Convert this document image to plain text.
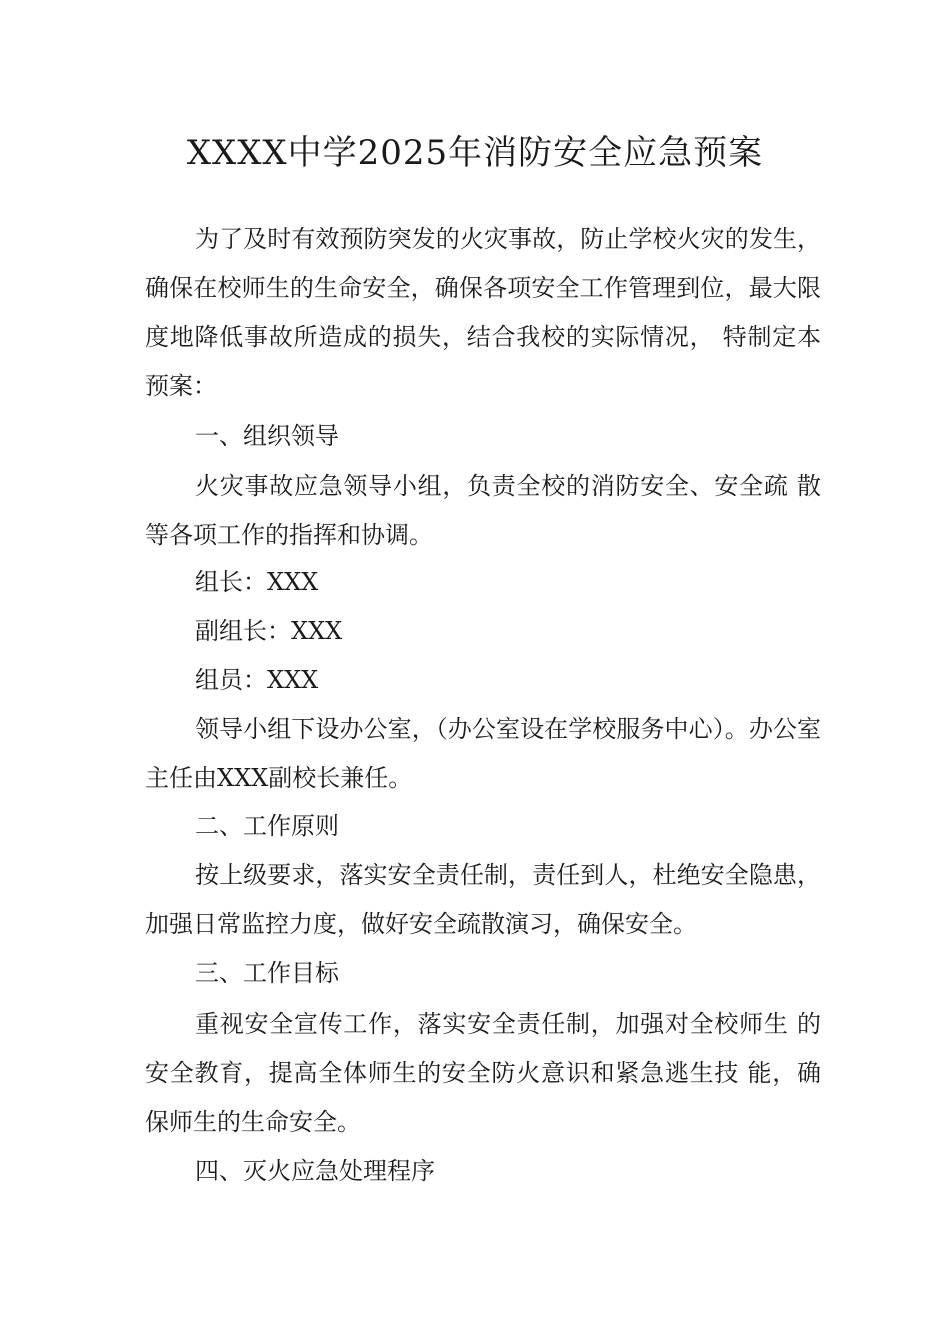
XXXX中学2025年消防安全应急预案

为了及时有效预防突发的火灾事故，防止学校火灾的发生，确保在校师生的生命安全，确保各项安全工作管理到位，最大限度地降低事故所造成的损失，结合我校的实际情况， 特制定本预案：

一、组织领导

火灾事故应急领导小组，负责全校的消防安全、安全疏 散等各项工作的指挥和协调。

组长：XXX

副组长：XXX

组员：XXX

领导小组下设办公室，（办公室设在学校服务中心）。办公室主任由XXX副校长兼任。

二、工作原则

按上级要求，落实安全责任制，责任到人，杜绝安全隐患，加强日常监控力度，做好安全疏散演习，确保安全。

三、工作目标

重视安全宣传工作，落实安全责任制，加强对全校师生 的安全教育，提高全体师生的安全防火意识和紧急逃生技 能，确保师生的生命安全。

四、灭火应急处理程序
